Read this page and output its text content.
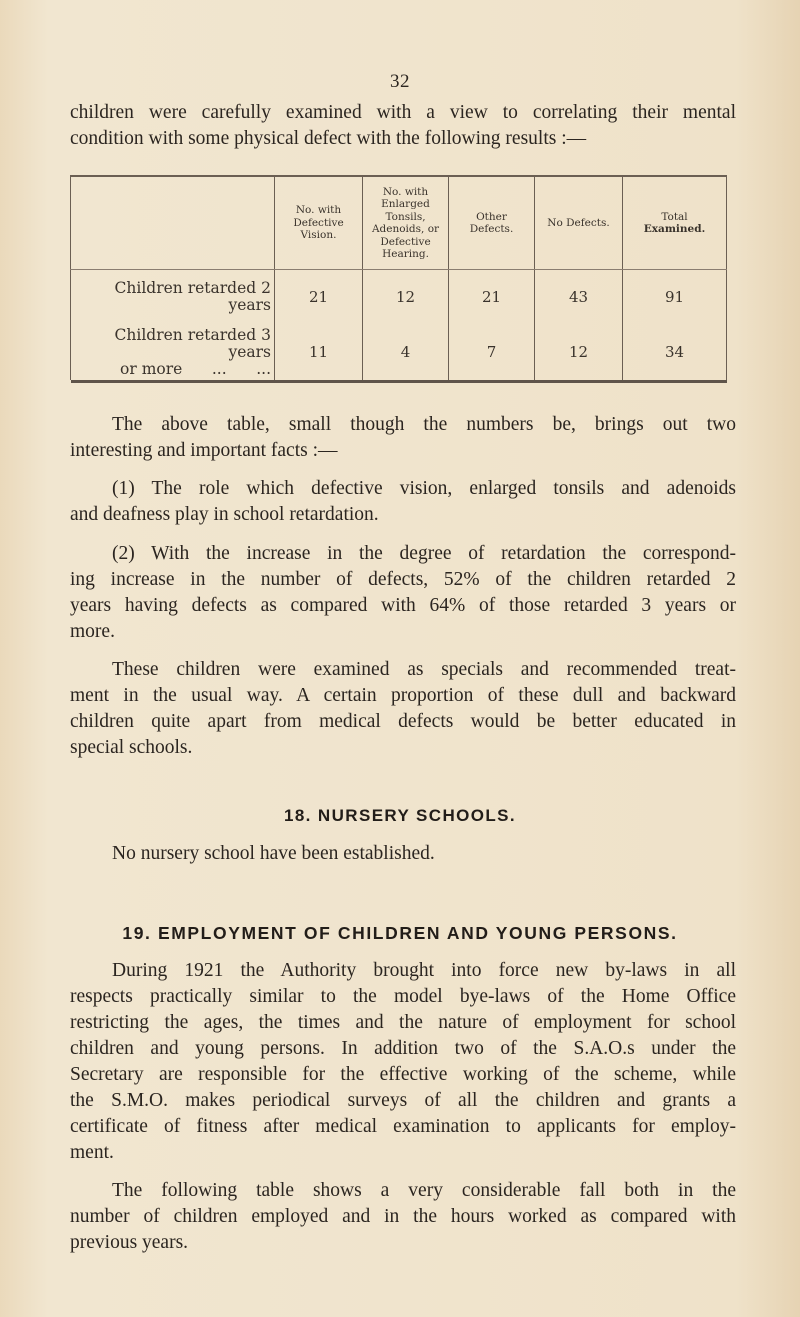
32
children were carefully examined with a view to correlating their mental
condition with some physical defect with the following results :—

No. with
Defective
Vision.

No. with
Enlarged
Tonsils,
Adenoids, or
Defective
Hearing.

Other
Defects.

No Defects.

Total
Examined.

Children retarded 2 years	21	12	21	43	91

Children retarded 3 years
or more      ...      ...	11	4	7	12	34

The above table, small though the numbers be, brings out two
interesting and important facts :—
(1) The role which defective vision, enlarged tonsils and adenoids
and deafness play in school retardation.
(2) With the increase in the degree of retardation the correspond-
ing increase in the number of defects, 52% of the children retarded 2
years having defects as compared with 64% of those retarded 3 years or
more.
These children were examined as specials and recommended treat-
ment in the usual way. A certain proportion of these dull and backward
children quite apart from medical defects would be better educated in
special schools.
18. NURSERY SCHOOLS.
No nursery school have been established.
19. EMPLOYMENT OF CHILDREN AND YOUNG PERSONS.
During 1921 the Authority brought into force new by-laws in all
respects practically similar to the model bye-laws of the Home Office
restricting the ages, the times and the nature of employment for school
children and young persons. In addition two of the S.A.O.s under the
Secretary are responsible for the effective working of the scheme, while
the S.M.O. makes periodical surveys of all the children and grants a
certificate of fitness after medical examination to applicants for employ-
ment.
The following table shows a very considerable fall both in the
number of children employed and in the hours worked as compared with
previous years.
